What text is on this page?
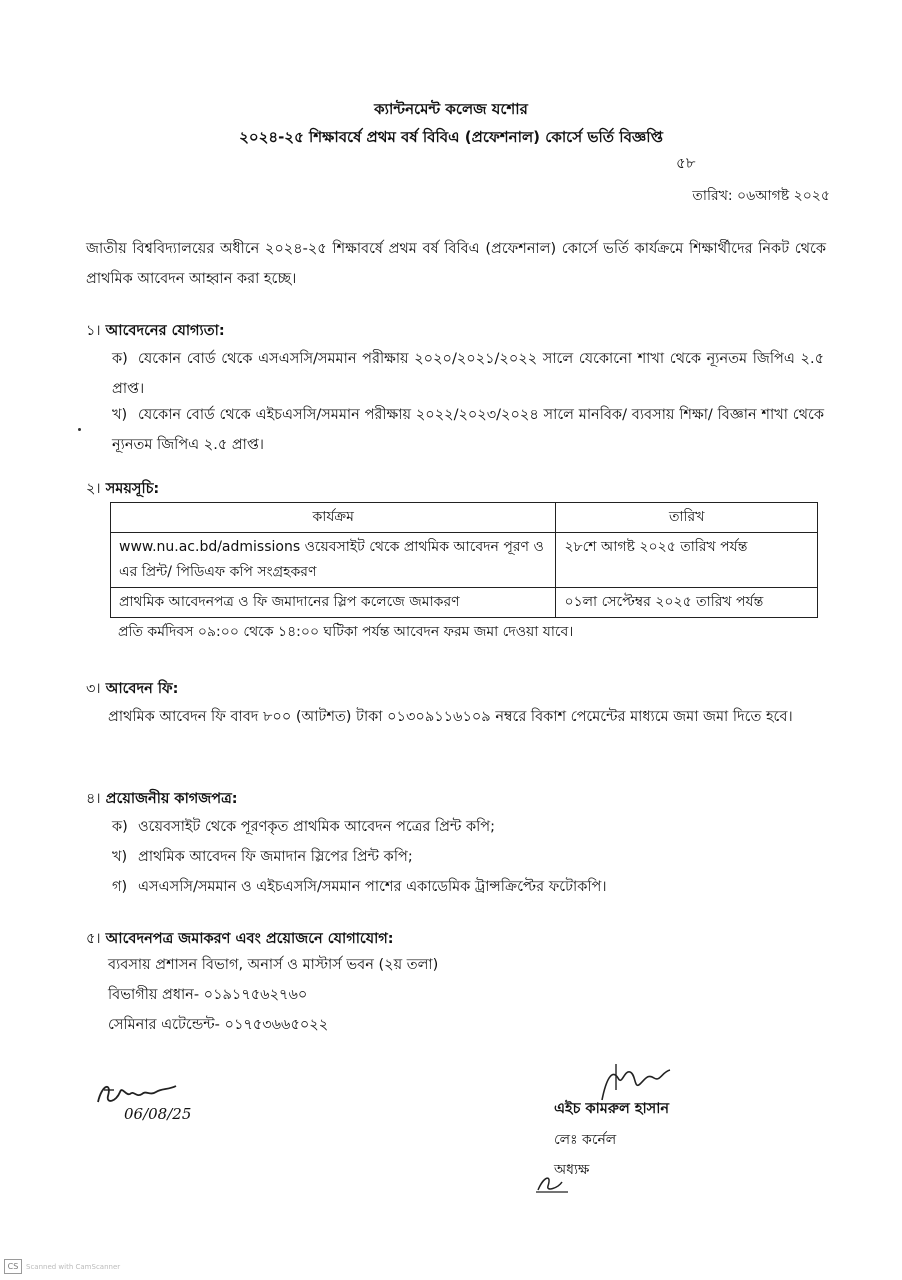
ক্যান্টনমেন্ট কলেজ যশোর
২০২৪-২৫ শিক্ষাবর্ষে প্রথম বর্ষ বিবিএ (প্রফেশনাল) কোর্সে ভর্তি বিজ্ঞপ্তি
৫৮
তারিখ: ০৬আগষ্ট ২০২৫
জাতীয় বিশ্ববিদ্যালয়ের অধীনে ২০২৪-২৫ শিক্ষাবর্ষে প্রথম বর্ষ বিবিএ (প্রফেশনাল) কোর্সে ভর্তি কার্যক্রমে শিক্ষার্থীদের নিকট থেকে প্রাথমিক আবেদন আহ্বান করা হচ্ছে।
১। আবেদনের যোগ্যতা:
ক) যেকোন বোর্ড থেকে এসএসসি/সমমান পরীক্ষায় ২০২০/২০২১/২০২২ সালে যেকোনো শাখা থেকে ন্যূনতম জিপিএ ২.৫ প্রাপ্ত।
খ) যেকোন বোর্ড থেকে এইচএসসি/সমমান পরীক্ষায় ২০২২/২০২৩/২০২৪ সালে মানবিক/ ব্যবসায় শিক্ষা/ বিজ্ঞান শাখা থেকে ন্যূনতম জিপিএ ২.৫ প্রাপ্ত।
২। সময়সূচি:
কার্যক্রম	তারিখ
www.nu.ac.bd/admissions ওয়েবসাইট থেকে প্রাথমিক আবেদন পূরণ ও এর প্রিন্ট/ পিডিএফ কপি সংগ্রহকরণ	২৮শে আগষ্ট ২০২৫ তারিখ পর্যন্ত
প্রাথমিক আবেদনপত্র ও ফি জমাদানের স্লিপ কলেজে জমাকরণ	০১লা সেপ্টেম্বর ২০২৫ তারিখ পর্যন্ত
প্রতি কর্মদিবস ০৯:০০ থেকে ১৪:০০ ঘটিকা পর্যন্ত আবেদন ফরম জমা দেওয়া যাবে।
৩। আবেদন ফি:
প্রাথমিক আবেদন ফি বাবদ ৮০০ (আটশত) টাকা ০১৩০৯১১৬১০৯ নম্বরে বিকাশ পেমেন্টের মাধ্যমে জমা জমা দিতে হবে।
৪। প্রয়োজনীয় কাগজপত্র:
ক) ওয়েবসাইট থেকে পূরণকৃত প্রাথমিক আবেদন পত্রের প্রিন্ট কপি;
খ) প্রাথমিক আবেদন ফি জমাদান স্লিপের প্রিন্ট কপি;
গ) এসএসসি/সমমান ও এইচএসসি/সমমান পাশের একাডেমিক ট্রান্সক্রিপ্টের ফটোকপি।
৫। আবেদনপত্র জমাকরণ এবং প্রয়োজনে যোগাযোগ:
ব্যবসায় প্রশাসন বিভাগ, অনার্স ও মাস্টার্স ভবন (২য় তলা)
বিভাগীয় প্রধান- ০১৯১৭৫৬২৭৬০
সেমিনার এটেন্ডেন্ট- ০১৭৫৩৬৬৫০২২
06/08/25	এইচ কামরুল হাসান
লেঃ কর্নেল
অধ্যক্ষ
CS	Scanned with CamScanner
